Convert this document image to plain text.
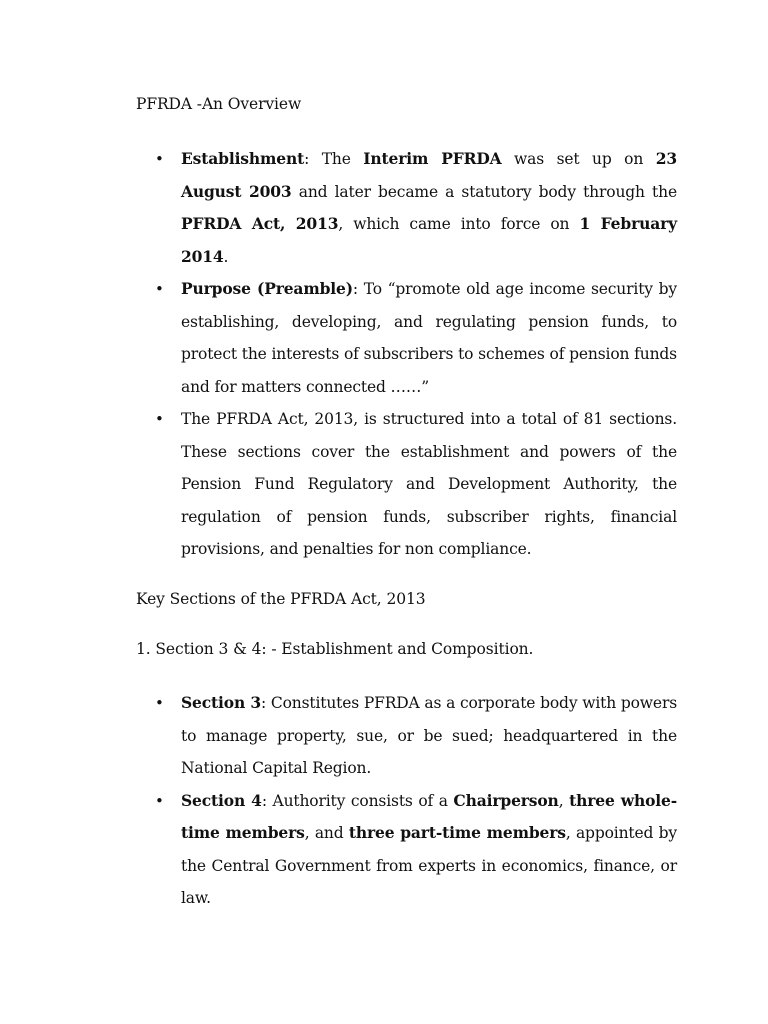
PFRDA -An Overview
• Establishment: The Interim PFRDA was set up on 23 August 2003 and later became a statutory body through the PFRDA Act, 2013, which came into force on 1 February 2014.
• Purpose (Preamble): To “promote old age income security by establishing, developing, and regulating pension funds, to protect the interests of subscribers to schemes of pension funds and for matters connected ……”
• The PFRDA Act, 2013, is structured into a total of 81 sections. These sections cover the establishment and powers of the Pension Fund Regulatory and Development Authority, the regulation of pension funds, subscriber rights, financial provisions, and penalties for non compliance.
Key Sections of the PFRDA Act, 2013
1. Section 3 & 4: - Establishment and Composition.
• Section 3: Constitutes PFRDA as a corporate body with powers to manage property, sue, or be sued; headquartered in the National Capital Region.
• Section 4: Authority consists of a Chairperson, three whole-time members, and three part-time members, appointed by the Central Government from experts in economics, finance, or law.
